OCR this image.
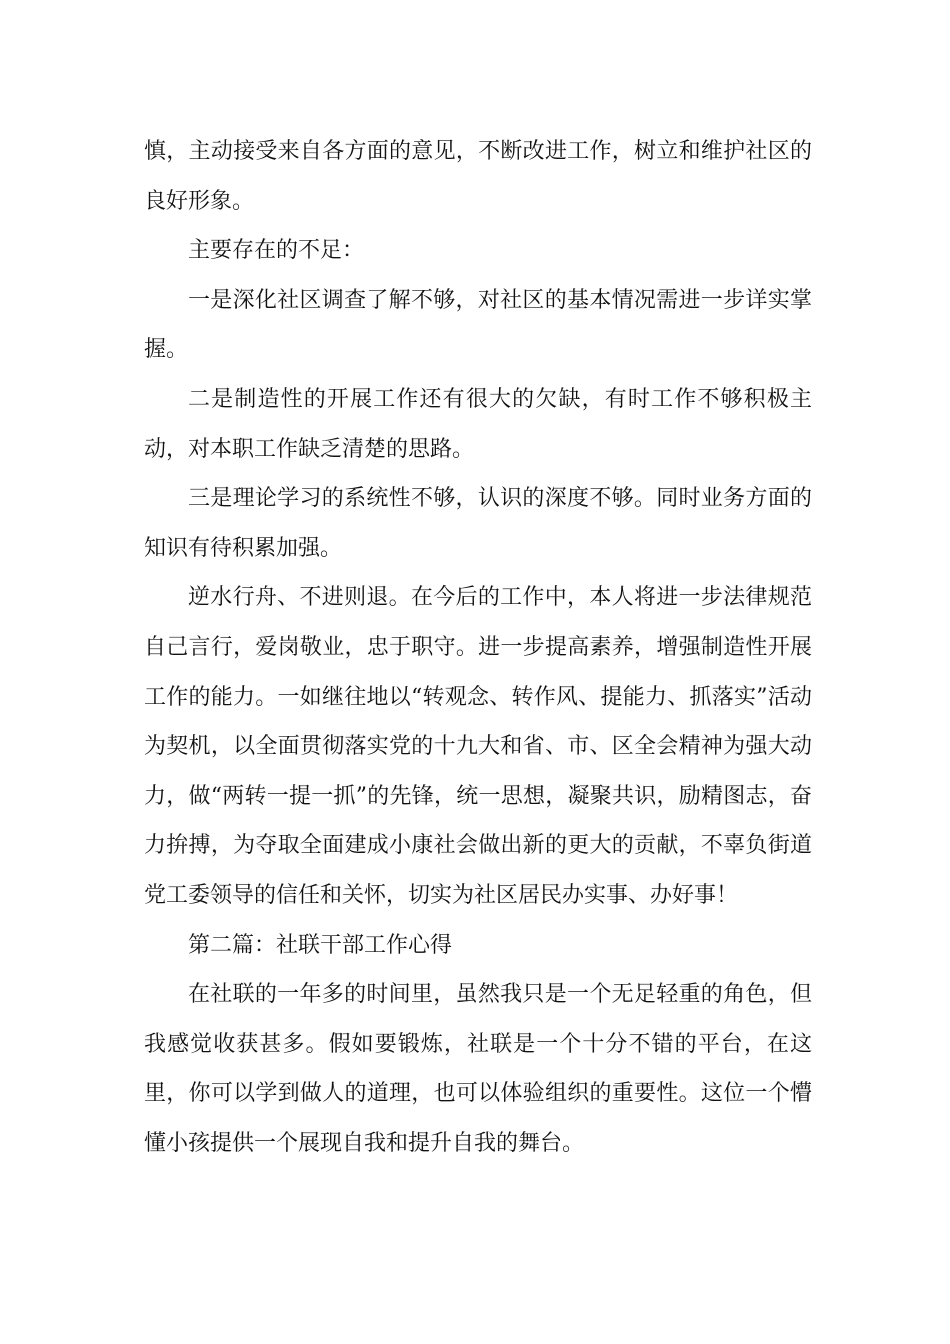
慎，主动接受来自各方面的意见，不断改进工作，树立和维护社区的良好形象。

主要存在的不足：

一是深化社区调查了解不够，对社区的基本情况需进一步详实掌握。

二是制造性的开展工作还有很大的欠缺，有时工作不够积极主动，对本职工作缺乏清楚的思路。

三是理论学习的系统性不够，认识的深度不够。同时业务方面的知识有待积累加强。

逆水行舟、不进则退。在今后的工作中，本人将进一步法律规范自己言行，爱岗敬业，忠于职守。进一步提高素养，增强制造性开展工作的能力。一如继往地以“转观念、转作风、提能力、抓落实”活动为契机，以全面贯彻落实党的十九大和省、市、区全会精神为强大动力，做“两转一提一抓”的先锋，统一思想，凝聚共识，励精图志，奋力拚搏，为夺取全面建成小康社会做出新的更大的贡献，不辜负街道党工委领导的信任和关怀，切实为社区居民办实事、办好事！

第二篇：社联干部工作心得

在社联的一年多的时间里，虽然我只是一个无足轻重的角色，但我感觉收获甚多。假如要锻炼，社联是一个十分不错的平台，在这里，你可以学到做人的道理，也可以体验组织的重要性。这位一个懵懂小孩提供一个展现自我和提升自我的舞台。
